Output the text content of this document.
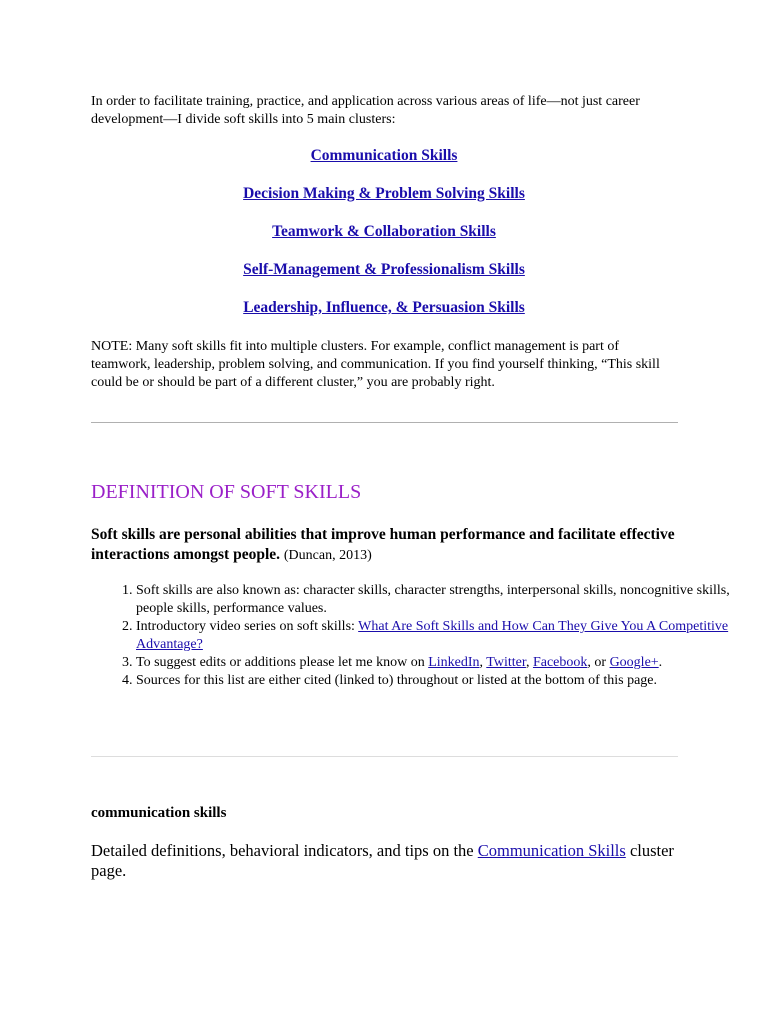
In order to facilitate training, practice, and application across various areas of life—not just career development—I divide soft skills into 5 main clusters:

Communication Skills
Decision Making & Problem Solving Skills
Teamwork & Collaboration Skills
Self-Management & Professionalism Skills
Leadership, Influence, & Persuasion Skills

NOTE: Many soft skills fit into multiple clusters. For example, conflict management is part of teamwork, leadership, problem solving, and communication. If you find yourself thinking, “This skill could be or should be part of a different cluster,” you are probably right.

DEFINITION OF SOFT SKILLS

Soft skills are personal abilities that improve human performance and facilitate effective interactions amongst people. (Duncan, 2013)

1. Soft skills are also known as: character skills, character strengths, interpersonal skills, noncognitive skills, people skills, performance values.
2. Introductory video series on soft skills: What Are Soft Skills and How Can They Give You A Competitive Advantage?
3. To suggest edits or additions please let me know on LinkedIn, Twitter, Facebook, or Google+.
4. Sources for this list are either cited (linked to) throughout or listed at the bottom of this page.
communication skills

Detailed definitions, behavioral indicators, and tips on the Communication Skills cluster page.
